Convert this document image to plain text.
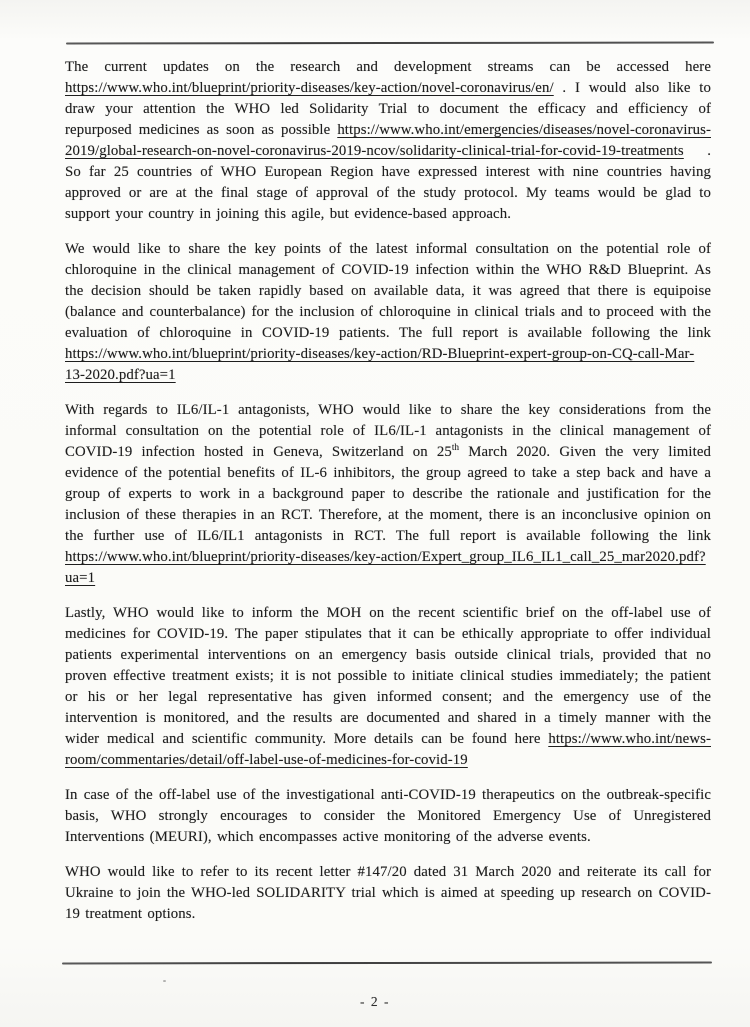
The current updates on the research and development streams can be accessed here https://www.who.int/blueprint/priority-diseases/key-action/novel-coronavirus/en/ . I would also like to draw your attention the WHO led Solidarity Trial to document the efficacy and efficiency of repurposed medicines as soon as possible https://www.who.int/emergencies/diseases/novel-coronavirus-2019/global-research-on-novel-coronavirus-2019-ncov/solidarity-clinical-trial-for-covid-19-treatments . So far 25 countries of WHO European Region have expressed interest with nine countries having approved or are at the final stage of approval of the study protocol. My teams would be glad to support your country in joining this agile, but evidence-based approach.

We would like to share the key points of the latest informal consultation on the potential role of chloroquine in the clinical management of COVID-19 infection within the WHO R&D Blueprint. As the decision should be taken rapidly based on available data, it was agreed that there is equipoise (balance and counterbalance) for the inclusion of chloroquine in clinical trials and to proceed with the evaluation of chloroquine in COVID-19 patients. The full report is available following the link https://www.who.int/blueprint/priority-diseases/key-action/RD-Blueprint-expert-group-on-CQ-call-Mar-13-2020.pdf?ua=1

With regards to IL6/IL-1 antagonists, WHO would like to share the key considerations from the informal consultation on the potential role of IL6/IL-1 antagonists in the clinical management of COVID-19 infection hosted in Geneva, Switzerland on 25th March 2020. Given the very limited evidence of the potential benefits of IL-6 inhibitors, the group agreed to take a step back and have a group of experts to work in a background paper to describe the rationale and justification for the inclusion of these therapies in an RCT. Therefore, at the moment, there is an inconclusive opinion on the further use of IL6/IL1 antagonists in RCT. The full report is available following the link https://www.who.int/blueprint/priority-diseases/key-action/Expert_group_IL6_IL1_call_25_mar2020.pdf?ua=1

Lastly, WHO would like to inform the MOH on the recent scientific brief on the off-label use of medicines for COVID-19. The paper stipulates that it can be ethically appropriate to offer individual patients experimental interventions on an emergency basis outside clinical trials, provided that no proven effective treatment exists; it is not possible to initiate clinical studies immediately; the patient or his or her legal representative has given informed consent; and the emergency use of the intervention is monitored, and the results are documented and shared in a timely manner with the wider medical and scientific community. More details can be found here https://www.who.int/news-room/commentaries/detail/off-label-use-of-medicines-for-covid-19

In case of the off-label use of the investigational anti-COVID-19 therapeutics on the outbreak-specific basis, WHO strongly encourages to consider the Monitored Emergency Use of Unregistered Interventions (MEURI), which encompasses active monitoring of the adverse events.

WHO would like to refer to its recent letter #147/20 dated 31 March 2020 and reiterate its call for Ukraine to join the WHO-led SOLIDARITY trial which is aimed at speeding up research on COVID-19 treatment options.

- 2 -
